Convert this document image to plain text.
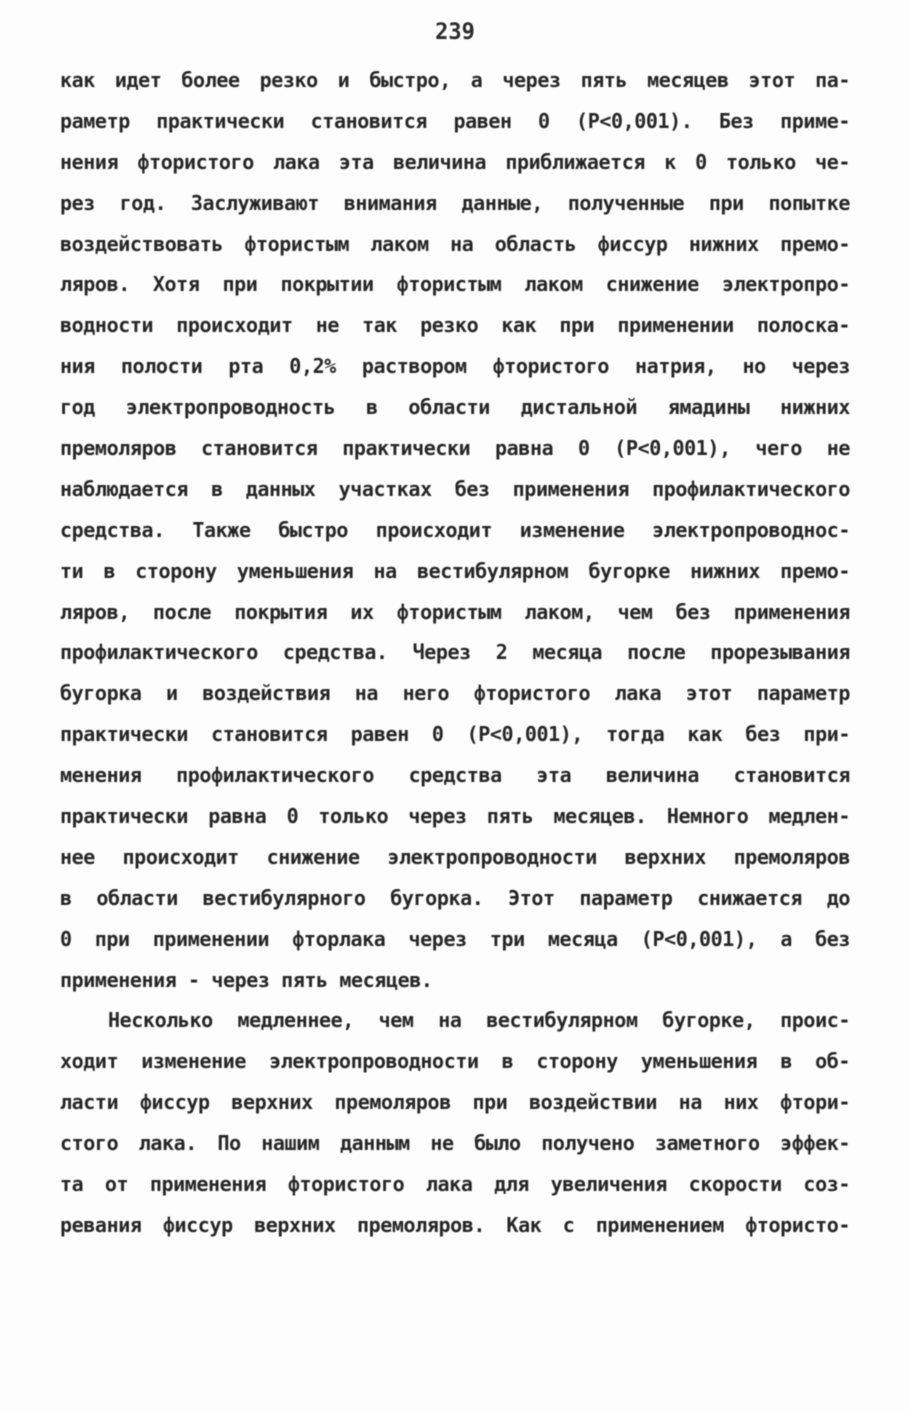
239
как идет более резко и быстро, а через пять месяцев этот па-
раметр практически становится равен 0 (Р<0,001). Без приме-
нения фтористого лака эта величина приближается к 0 только че-
рез год. Заслуживают внимания данные, полученные при попытке
воздействовать фтористым лаком на область фиссур нижних премо-
ляров. Хотя при покрытии фтористым лаком снижение электропро-
водности происходит не так резко как при применении полоска-
ния полости рта 0,2% раствором фтористого натрия, но через
год электропроводность в области дистальной ямадины нижних
премоляров становится практически равна 0 (Р<0,001), чего не
наблюдается в данных участках без применения профилактического
средства. Также быстро происходит изменение электропроводнос-
ти в сторону уменьшения на вестибулярном бугорке нижних премо-
ляров, после покрытия их фтористым лаком, чем без применения
профилактического средства. Через 2 месяца после прорезывания
бугорка и воздействия на него фтористого лака этот параметр
практически становится равен 0 (Р<0,001), тогда как без при-
менения профилактического средства эта величина становится
практически равна 0 только через пять месяцев. Немного медлен-
нее происходит снижение электропроводности верхних премоляров
в области вестибулярного бугорка. Этот параметр снижается до
0 при применении фторлака через три месяца (Р<0,001), а без
применения - через пять месяцев.
Несколько медленнее, чем на вестибулярном бугорке, проис-
ходит изменение электропроводности в сторону уменьшения в об-
ласти фиссур верхних премоляров при воздействии на них фтори-
стого лака. По нашим данным не было получено заметного эффек-
та от применения фтористого лака для увеличения скорости соз-
ревания фиссур верхних премоляров. Как с применением фтористо-
